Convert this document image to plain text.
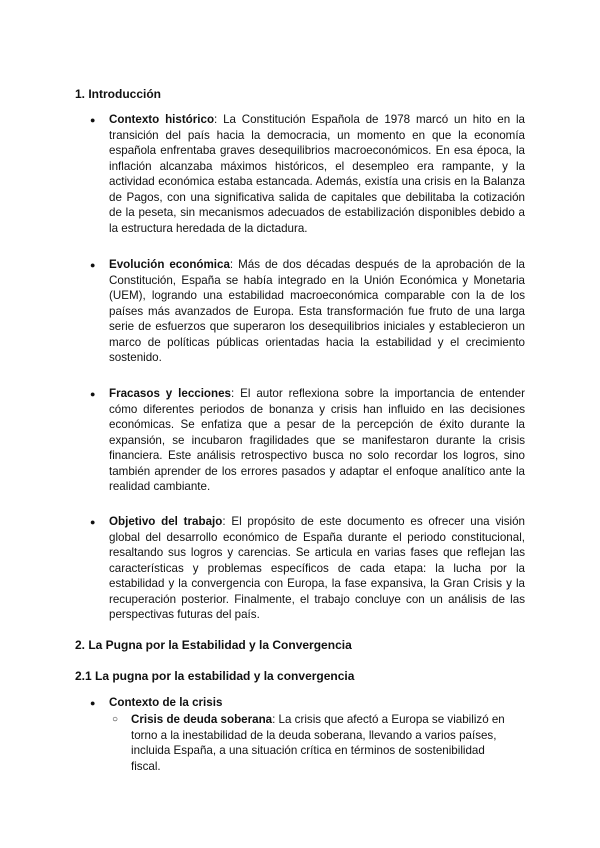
1. Introducción
● Contexto histórico: La Constitución Española de 1978 marcó un hito en la transición del país hacia la democracia, un momento en que la economía española enfrentaba graves desequilibrios macroeconómicos. En esa época, la inflación alcanzaba máximos históricos, el desempleo era rampante, y la actividad económica estaba estancada. Además, existía una crisis en la Balanza de Pagos, con una significativa salida de capitales que debilitaba la cotización de la peseta, sin mecanismos adecuados de estabilización disponibles debido a la estructura heredada de la dictadura.
● Evolución económica: Más de dos décadas después de la aprobación de la Constitución, España se había integrado en la Unión Económica y Monetaria (UEM), logrando una estabilidad macroeconómica comparable con la de los países más avanzados de Europa. Esta transformación fue fruto de una larga serie de esfuerzos que superaron los desequilibrios iniciales y establecieron un marco de políticas públicas orientadas hacia la estabilidad y el crecimiento sostenido.
● Fracasos y lecciones: El autor reflexiona sobre la importancia de entender cómo diferentes periodos de bonanza y crisis han influido en las decisiones económicas. Se enfatiza que a pesar de la percepción de éxito durante la expansión, se incubaron fragilidades que se manifestaron durante la crisis financiera. Este análisis retrospectivo busca no solo recordar los logros, sino también aprender de los errores pasados y adaptar el enfoque analítico ante la realidad cambiante.
● Objetivo del trabajo: El propósito de este documento es ofrecer una visión global del desarrollo económico de España durante el periodo constitucional, resaltando sus logros y carencias. Se articula en varias fases que reflejan las características y problemas específicos de cada etapa: la lucha por la estabilidad y la convergencia con Europa, la fase expansiva, la Gran Crisis y la recuperación posterior. Finalmente, el trabajo concluye con un análisis de las perspectivas futuras del país.
2. La Pugna por la Estabilidad y la Convergencia
2.1 La pugna por la estabilidad y la convergencia
● Contexto de la crisis
○ Crisis de deuda soberana: La crisis que afectó a Europa se viabilizó en torno a la inestabilidad de la deuda soberana, llevando a varios países, incluida España, a una situación crítica en términos de sostenibilidad fiscal.
